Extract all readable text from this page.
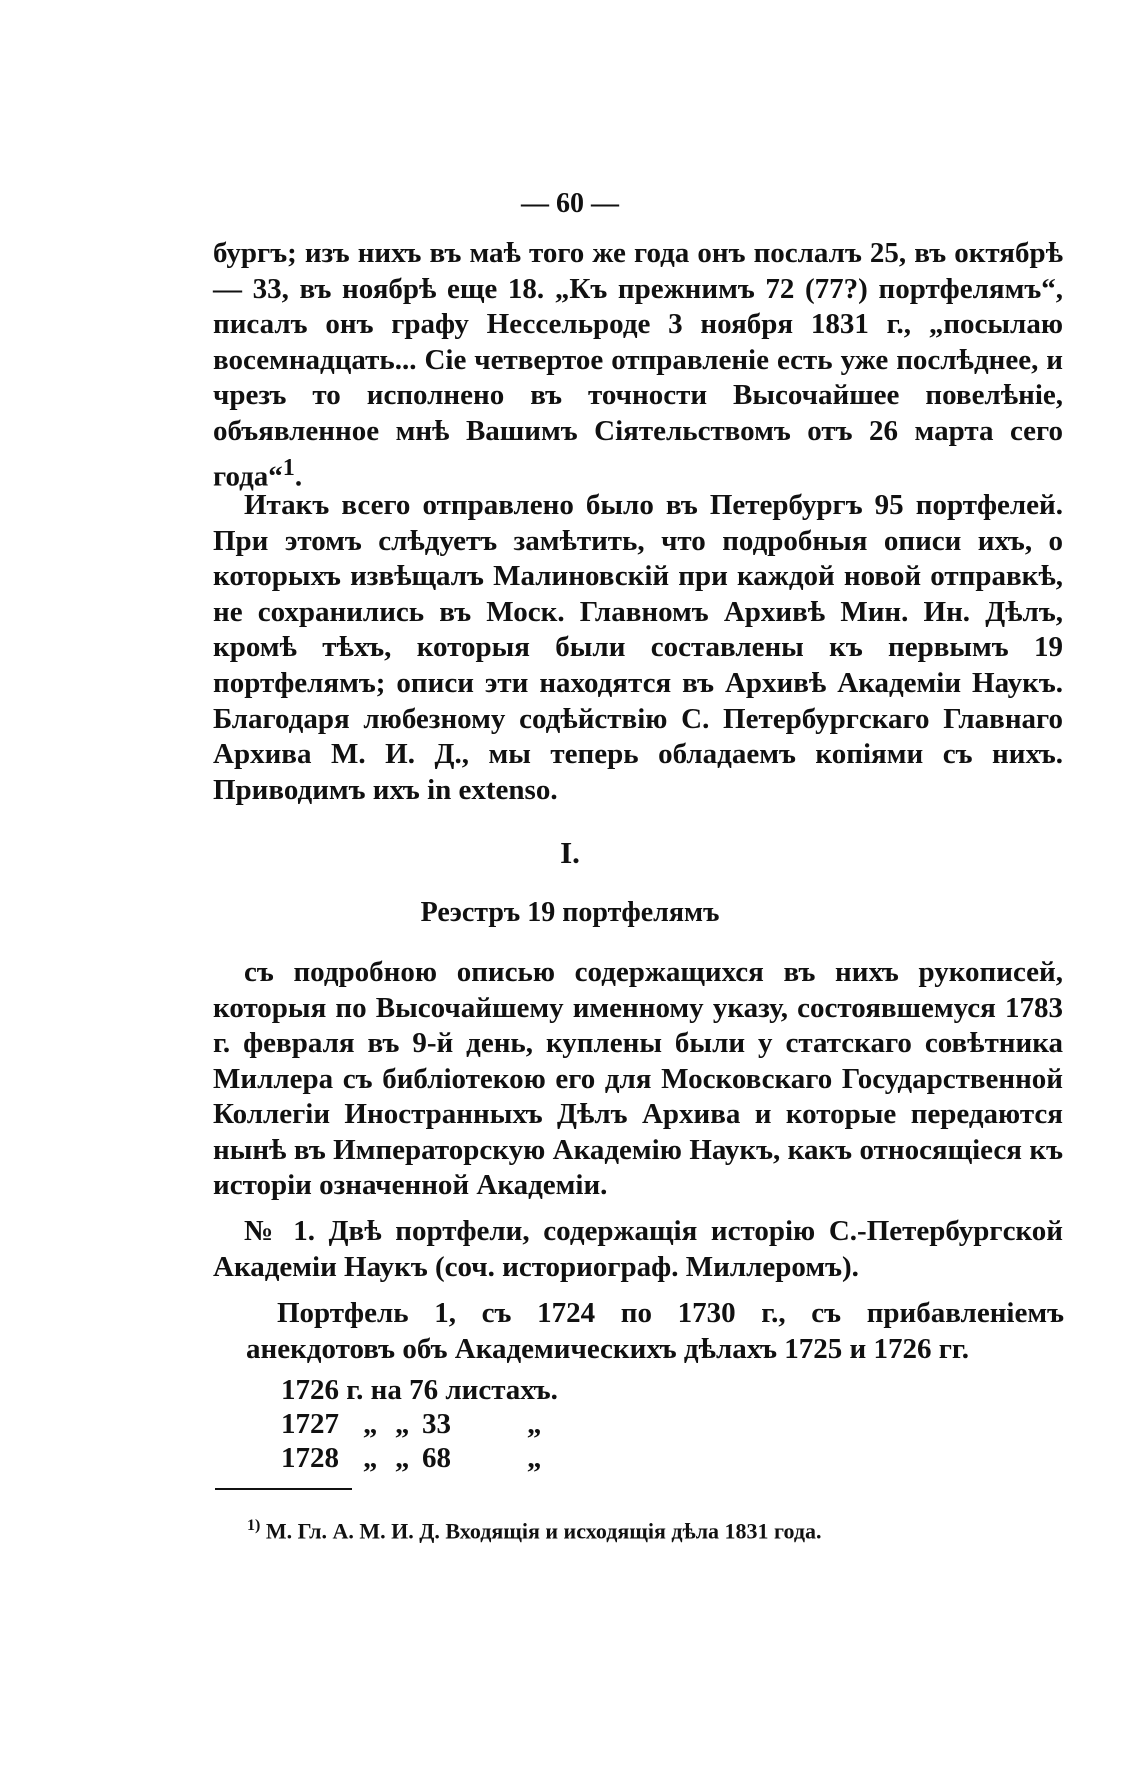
— 60 —

бургъ; изъ нихъ въ маѣ того же года онъ послалъ 25, въ октябрѣ — 33, въ ноябрѣ еще 18. „Къ прежнимъ 72 (77?) портфелямъ“, писалъ онъ графу Нессельроде 3 ноября 1831 г., „посылаю восемнадцать... Сіе четвертое отправленіе есть уже послѣднее, и чрезъ то исполнено въ точности Высочайшее повелѣніе, объявленное мнѣ Вашимъ Сіятельствомъ отъ 26 марта сего года“$^1$.

Итакъ всего отправлено было въ Петербургъ 95 портфелей. При этомъ слѣдуетъ замѣтить, что подробныя описи ихъ, о которыхъ извѣщалъ Малиновскій при каждой новой отправкѣ, не сохранились въ Моск. Главномъ Архивѣ Мин. Ин. Дѣлъ, кромѣ тѣхъ, которыя были составлены къ первымъ 19 портфелямъ; описи эти находятся въ Архивѣ Академіи Наукъ. Благодаря любезному содѣйствію С. Петербургскаго Главнаго Архива М. И. Д., мы теперь обладаемъ копіями съ нихъ. Приводимъ ихъ in extenso.

I.
Реэстръ 19 портфелямъ

съ подробною описью содержащихся въ нихъ рукописей, которыя по Высочайшему именному указу, состоявшемуся 1783 г. февраля въ 9-й день, куплены были у статскаго совѣтника Миллера съ библіотекою его для Московскаго Государственной Коллегіи Иностранныхъ Дѣлъ Архива и которые передаются нынѣ въ Императорскую Академію Наукъ, какъ относящіеся къ исторіи означенной Академіи.

№ 1. Двѣ портфели, содержащія исторію С.-Петербургской Академіи Наукъ (соч. историограф. Миллеромъ).

Портфель 1, съ 1724 по 1730 г., съ прибавленіемъ анекдотовъ объ Академическихъ дѣлахъ 1725 и 1726 гг.

1726 г. на 76 листахъ.
1727 „ „ 33	„
1728 „ „ 68	„
$^{1)}$ М. Гл. А. М. И. Д. Входящія и исходящія дѣла 1831 года.
